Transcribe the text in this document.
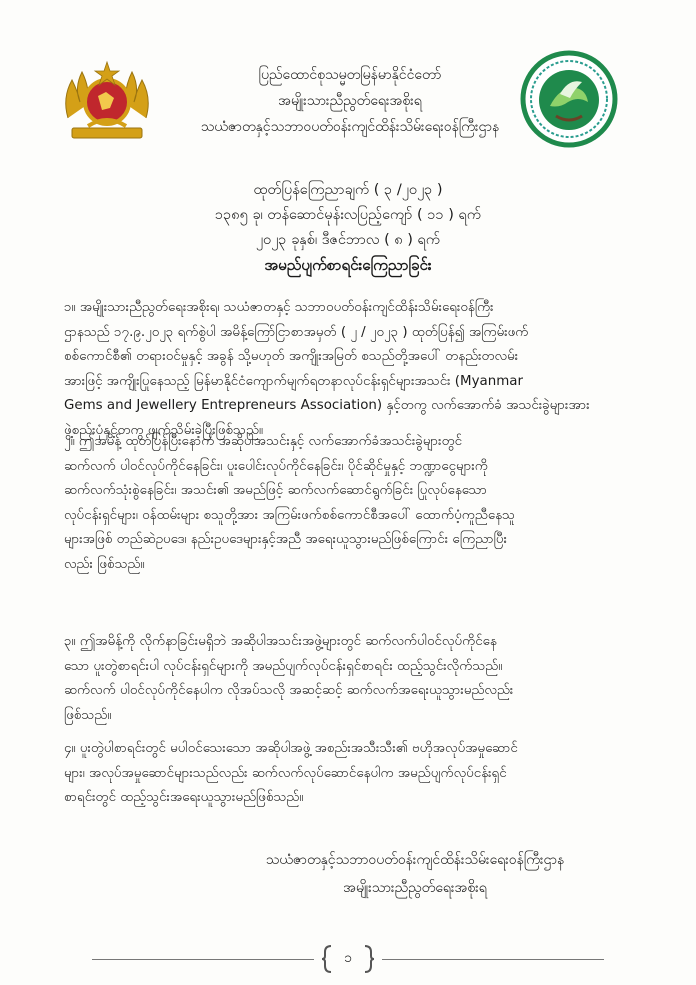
ပြည်ထောင်စုသမ္မတမြန်မာနိုင်ငံတော်
အမျိုးသားညီညွတ်ရေးအစိုးရ
သယံဇာတနှင့်သဘာဝပတ်ဝန်းကျင်ထိန်းသိမ်းရေးဝန်ကြီးဌာန
ထုတ်ပြန်ကြေညာချက် ( ၃ /၂၀၂၃ )
၁၃၈၅ ခု၊ တန်ဆောင်မုန်းလပြည့်ကျော် ( ၁၁ ) ရက်
၂၀၂၃ ခုနှစ်၊ ဒီဇင်ဘာလ ( ၈ ) ရက်
အမည်ပျက်စာရင်းကြေညာခြင်း
၁။ အမျိုးသားညီညွတ်ရေးအစိုးရ၊ သယံဇာတနှင့် သဘာဝပတ်ဝန်းကျင်ထိန်းသိမ်းရေးဝန်ကြီး
ဌာနသည် ၁၇.၉.၂၀၂၃ ရက်စွဲပါ အမိန့်ကြော်ငြာစာအမှတ် ( ၂ / ၂၀၂၃ ) ထုတ်ပြန်၍ အကြမ်းဖက်
စစ်ကောင်စီ၏ တရားဝင်မှုနှင့် အခွန် သို့မဟုတ် အကျိုးအမြတ် စသည်တို့အပေါ် တနည်းတလမ်း
အားဖြင့် အကျိုးပြုနေသည့် မြန်မာနိုင်ငံကျောက်မျက်ရတနာလုပ်ငန်းရှင်များအသင်း (Myanmar
Gems and Jewellery Entrepreneurs Association) နှင့်တကွ လက်အောက်ခံ အသင်းခွဲများအား
ဖွဲ့စည်းပုံနှင့်တကွ ဖျက်သိမ်းခဲ့ပြီးဖြစ်သည်။
၂။ ဤအမိန့် ထုတ်ပြန်ပြီးနောက် အဆိုပါအသင်းနှင့် လက်အောက်ခံအသင်းခွဲများတွင်
ဆက်လက် ပါဝင်လုပ်ကိုင်နေခြင်း၊ ပူးပေါင်းလုပ်ကိုင်နေခြင်း၊ ပိုင်ဆိုင်မှုနှင့် ဘဏ္ဍာငွေများကို
ဆက်လက်သုံးစွဲနေခြင်း၊ အသင်း၏ အမည်ဖြင့် ဆက်လက်ဆောင်ရွက်ခြင်း ပြုလုပ်နေသော
လုပ်ငန်းရှင်များ၊ ဝန်ထမ်းများ စသူတို့အား အကြမ်းဖက်စစ်ကောင်စီအပေါ် ထောက်ပံ့ကူညီနေသူ
များအဖြစ် တည်ဆဲဥပဒေ၊ နည်းဥပဒေများနှင့်အညီ အရေးယူသွားမည်ဖြစ်ကြောင်း ကြေညာပြီး
လည်း ဖြစ်သည်။
၃။ ဤအမိန့်ကို လိုက်နာခြင်းမရှိဘဲ အဆိုပါအသင်းအဖွဲ့များတွင် ဆက်လက်ပါဝင်လုပ်ကိုင်နေ
သော ပူးတွဲစာရင်းပါ လုပ်ငန်းရှင်များကို အမည်ပျက်လုပ်ငန်းရှင်စာရင်း ထည့်သွင်းလိုက်သည်။
ဆက်လက် ပါဝင်လုပ်ကိုင်နေပါက လိုအပ်သလို အဆင့်ဆင့် ဆက်လက်အရေးယူသွားမည်လည်း
ဖြစ်သည်။
၄။ ပူးတွဲပါစာရင်းတွင် မပါဝင်သေးသော အဆိုပါအဖွဲ့ အစည်းအသီးသီး၏ ဗဟိုအလုပ်အမှုဆောင်
များ၊ အလုပ်အမှုဆောင်များသည်လည်း ဆက်လက်လုပ်ဆောင်နေပါက အမည်ပျက်လုပ်ငန်းရှင်
စာရင်းတွင် ထည့်သွင်းအရေးယူသွားမည်ဖြစ်သည်။
သယံဇာတနှင့်သဘာဝပတ်ဝန်းကျင်ထိန်းသိမ်းရေးဝန်ကြီးဌာန
အမျိုးသားညီညွတ်ရေးအစိုးရ
၁
